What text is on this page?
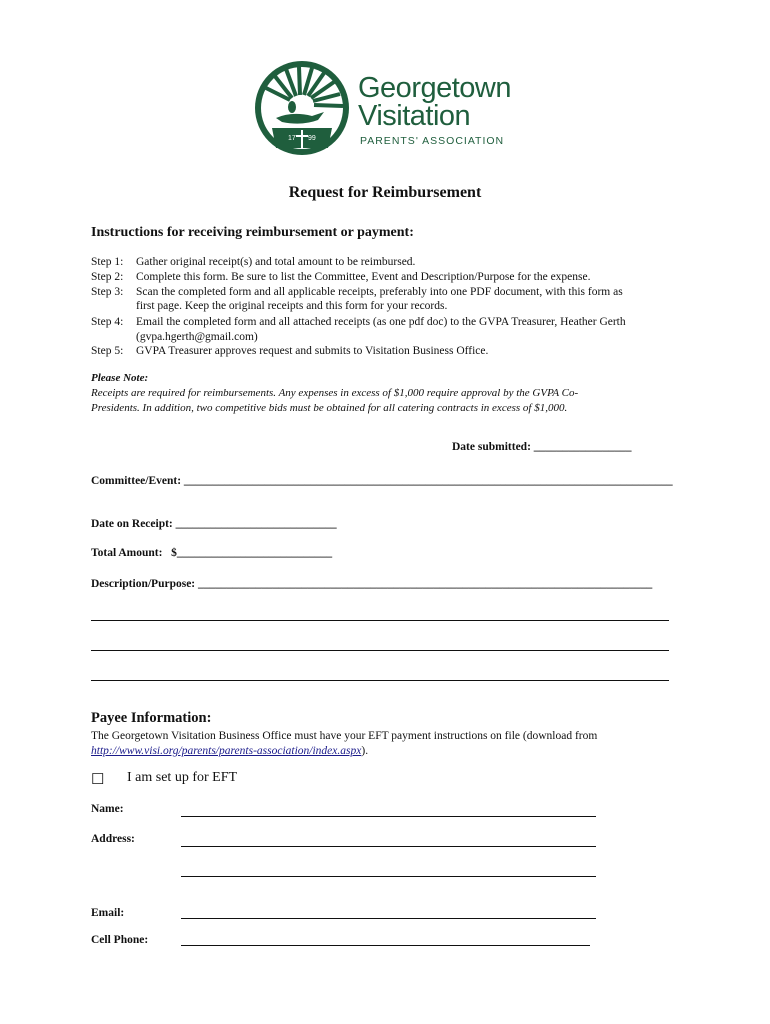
17 99
Georgetown
Visitation
PARENTS' ASSOCIATION
Request for Reimbursement
Instructions for receiving reimbursement or payment:
Step 1: Gather original receipt(s) and total amount to be reimbursed.
Step 2: Complete this form. Be sure to list the Committee, Event and Description/Purpose for the expense.
Step 3: Scan the completed form and all applicable receipts, preferably into one PDF document, with this form as
first page. Keep the original receipts and this form for your records.
Step 4: Email the completed form and all attached receipts (as one pdf doc) to the GVPA Treasurer, Heather Gerth
(gvpa.hgerth@gmail.com)
Step 5: GVPA Treasurer approves request and submits to Visitation Business Office.
Please Note:
Receipts are required for reimbursements. Any expenses in excess of $1,000 require approval by the GVPA Co-
Presidents. In addition, two competitive bids must be obtained for all catering contracts in excess of $1,000.
Date submitted: _________________
Committee/Event: _____________________________________________________________________________________
Date on Receipt: ____________________________
Total Amount:   $___________________________
Description/Purpose: _______________________________________________________________________________
Payee Information:
The Georgetown Visitation Business Office must have your EFT payment instructions on file (download from
http://www.visi.org/parents/parents-association/index.aspx).
☐ I am set up for EFT
Name:
Address:
Email:
Cell Phone:
